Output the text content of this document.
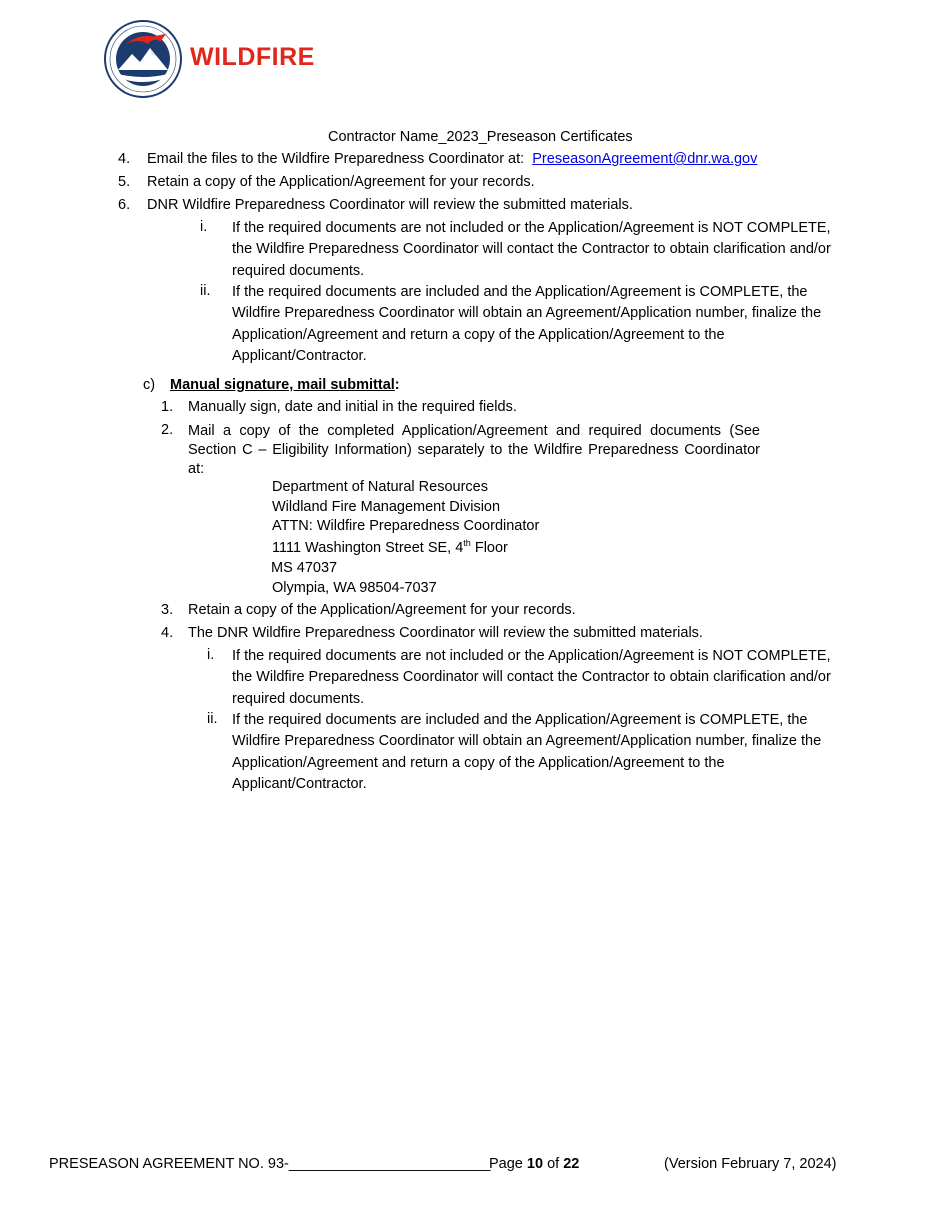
WILDFIRE
Contractor Name_2023_Preseason Certificates
4. Email the files to the Wildfire Preparedness Coordinator at: PreseasonAgreement@dnr.wa.gov
5. Retain a copy of the Application/Agreement for your records.
6. DNR Wildfire Preparedness Coordinator will review the submitted materials.
i. If the required documents are not included or the Application/Agreement is NOT COMPLETE, the Wildfire Preparedness Coordinator will contact the Contractor to obtain clarification and/or required documents.
ii. If the required documents are included and the Application/Agreement is COMPLETE, the Wildfire Preparedness Coordinator will obtain an Agreement/Application number, finalize the Application/Agreement and return a copy of the Application/Agreement to the Applicant/Contractor.
c) Manual signature, mail submittal:
1. Manually sign, date and initial in the required fields.
2. Mail a copy of the completed Application/Agreement and required documents (See Section C – Eligibility Information) separately to the Wildfire Preparedness Coordinator at:
Department of Natural Resources
Wildland Fire Management Division
ATTN: Wildfire Preparedness Coordinator
1111 Washington Street SE, 4th Floor
MS 47037
Olympia, WA 98504-7037
3. Retain a copy of the Application/Agreement for your records.
4. The DNR Wildfire Preparedness Coordinator will review the submitted materials.
i. If the required documents are not included or the Application/Agreement is NOT COMPLETE, the Wildfire Preparedness Coordinator will contact the Contractor to obtain clarification and/or required documents.
ii. If the required documents are included and the Application/Agreement is COMPLETE, the Wildfire Preparedness Coordinator will obtain an Agreement/Application number, finalize the Application/Agreement and return a copy of the Application/Agreement to the Applicant/Contractor.
PRESEASON AGREEMENT NO. 93-_________________________
Page 10 of 22	(Version February 7, 2024)
